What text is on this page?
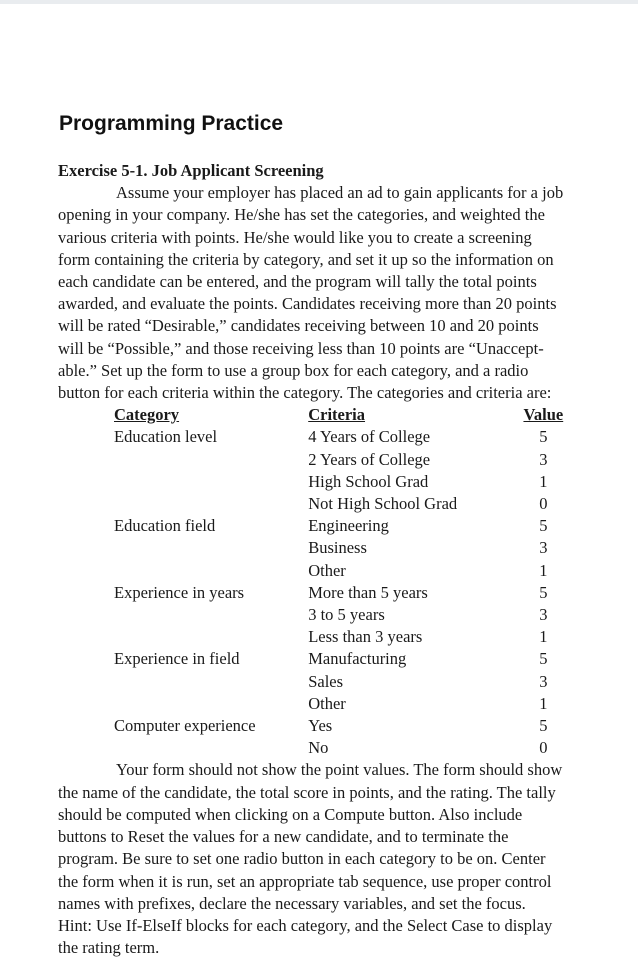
Programming Practice
Exercise 5-1. Job Applicant Screening
Assume your employer has placed an ad to gain applicants for a job
opening in your company. He/she has set the categories, and weighted the
various criteria with points. He/she would like you to create a screening
form containing the criteria by category, and set it up so the information on
each candidate can be entered, and the program will tally the total points
awarded, and evaluate the points. Candidates receiving more than 20 points
will be rated “Desirable,” candidates receiving between 10 and 20 points
will be “Possible,” and those receiving less than 10 points are “Unaccept-
able.” Set up the form to use a group box for each category, and a radio
button for each criteria within the category. The categories and criteria are:
Category	Criteria	Value
Education level	4 Years of College	5
	2 Years of College	3
	High School Grad	1
	Not High School Grad	0
Education field	Engineering	5
	Business	3
	Other	1
Experience in years	More than 5 years	5
	3 to 5 years	3
	Less than 3 years	1
Experience in field	Manufacturing	5
	Sales	3
	Other	1
Computer experience	Yes	5
	No	0
Your form should not show the point values. The form should show
the name of the candidate, the total score in points, and the rating. The tally
should be computed when clicking on a Compute button. Also include
buttons to Reset the values for a new candidate, and to terminate the
program. Be sure to set one radio button in each category to be on. Center
the form when it is run, set an appropriate tab sequence, use proper control
names with prefixes, declare the necessary variables, and set the focus.
Hint: Use If-ElseIf blocks for each category, and the Select Case to display
the rating term.
